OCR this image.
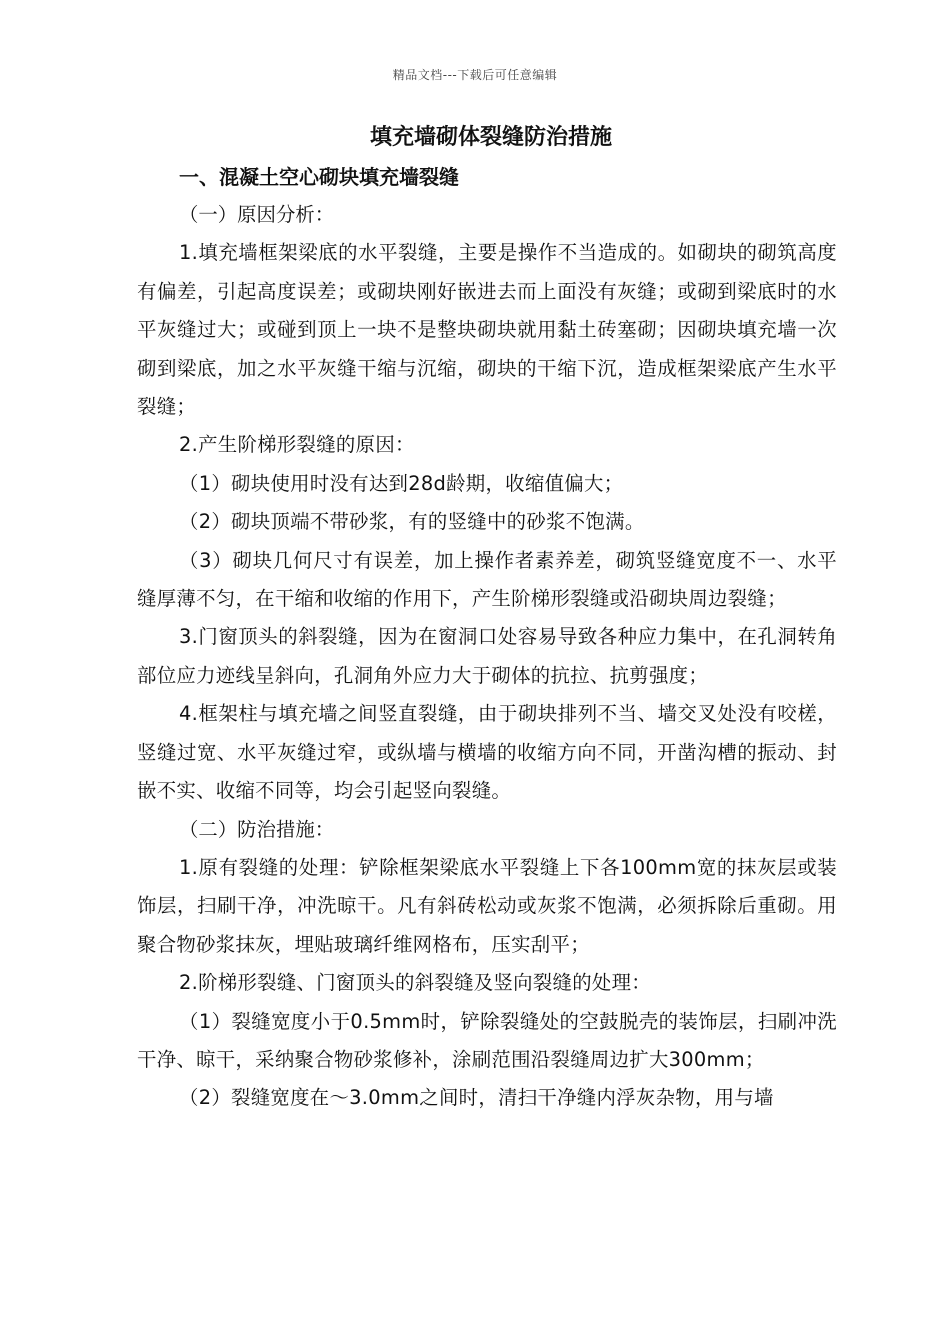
精品文档---下载后可任意编辑
填充墙砌体裂缝防治措施
一、混凝土空心砌块填充墙裂缝

（一）原因分析：

1.填充墙框架梁底的水平裂缝，主要是操作不当造成的。如砌块的砌筑高度有偏差，引起高度误差；或砌块刚好嵌进去而上面没有灰缝；或砌到梁底时的水平灰缝过大；或碰到顶上一块不是整块砌块就用黏土砖塞砌；因砌块填充墙一次砌到梁底，加之水平灰缝干缩与沉缩，砌块的干缩下沉，造成框架梁底产生水平裂缝；

2.产生阶梯形裂缝的原因：

（1）砌块使用时没有达到28d龄期，收缩值偏大；

（2）砌块顶端不带砂浆，有的竖缝中的砂浆不饱满。

（3）砌块几何尺寸有误差，加上操作者素养差，砌筑竖缝宽度不一、水平缝厚薄不匀，在干缩和收缩的作用下，产生阶梯形裂缝或沿砌块周边裂缝；

3.门窗顶头的斜裂缝，因为在窗洞口处容易导致各种应力集中，在孔洞转角部位应力迹线呈斜向，孔洞角外应力大于砌体的抗拉、抗剪强度；

4.框架柱与填充墙之间竖直裂缝，由于砌块排列不当、墙交叉处没有咬槎，竖缝过宽、水平灰缝过窄，或纵墙与横墙的收缩方向不同，开凿沟槽的振动、封嵌不实、收缩不同等，均会引起竖向裂缝。

（二）防治措施：

1.原有裂缝的处理：铲除框架梁底水平裂缝上下各100mm宽的抹灰层或装饰层，扫刷干净，冲洗晾干。凡有斜砖松动或灰浆不饱满，必须拆除后重砌。用聚合物砂浆抹灰，埋贴玻璃纤维网格布，压实刮平；

2.阶梯形裂缝、门窗顶头的斜裂缝及竖向裂缝的处理：

（1）裂缝宽度小于0.5mm时，铲除裂缝处的空鼓脱壳的装饰层，扫刷冲洗干净、晾干，采纳聚合物砂浆修补，涂刷范围沿裂缝周边扩大300mm；

（2）裂缝宽度在～3.0mm之间时，清扫干净缝内浮灰杂物，用与墙
